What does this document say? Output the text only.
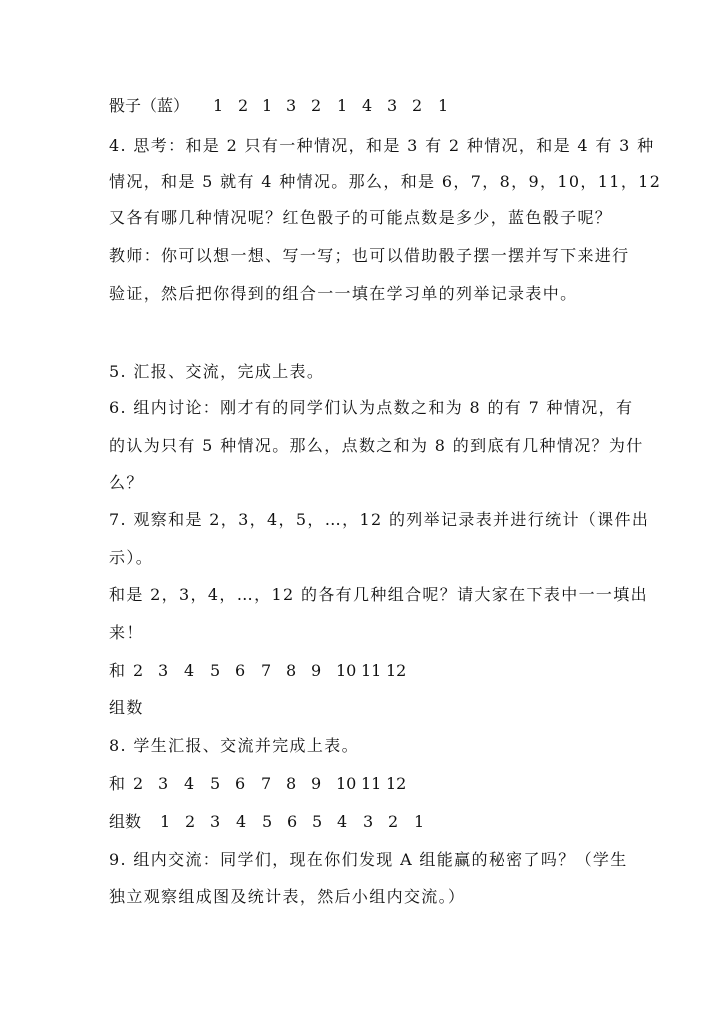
骰子（蓝） 1 2 1 3 2 1 4 3 2 1
4. 思考：和是 2 只有一种情况，和是 3 有 2 种情况，和是 4 有 3 种
情况，和是 5 就有 4 种情况。那么，和是 6，7，8，9，10，11，12
又各有哪几种情况呢？红色骰子的可能点数是多少，蓝色骰子呢？
教师：你可以想一想、写一写；也可以借助骰子摆一摆并写下来进行
验证，然后把你得到的组合一一填在学习单的列举记录表中。
5. 汇报、交流，完成上表。
6. 组内讨论：刚才有的同学们认为点数之和为 8 的有 7 种情况，有
的认为只有 5 种情况。那么，点数之和为 8 的到底有几种情况？为什
么？
7. 观察和是 2，3，4，5，…，12 的列举记录表并进行统计（课件出
示）。
和是 2，3，4，…，12 的各有几种组合呢？请大家在下表中一一填出
来！
和 2 3 4 5 6 7 8 9 10 11 12
组数
8. 学生汇报、交流并完成上表。
和 2 3 4 5 6 7 8 9 10 11 12
组数 1 2 3 4 5 6 5 4 3 2 1
9. 组内交流：同学们，现在你们发现 A 组能赢的秘密了吗？（学生
独立观察组成图及统计表，然后小组内交流。）
